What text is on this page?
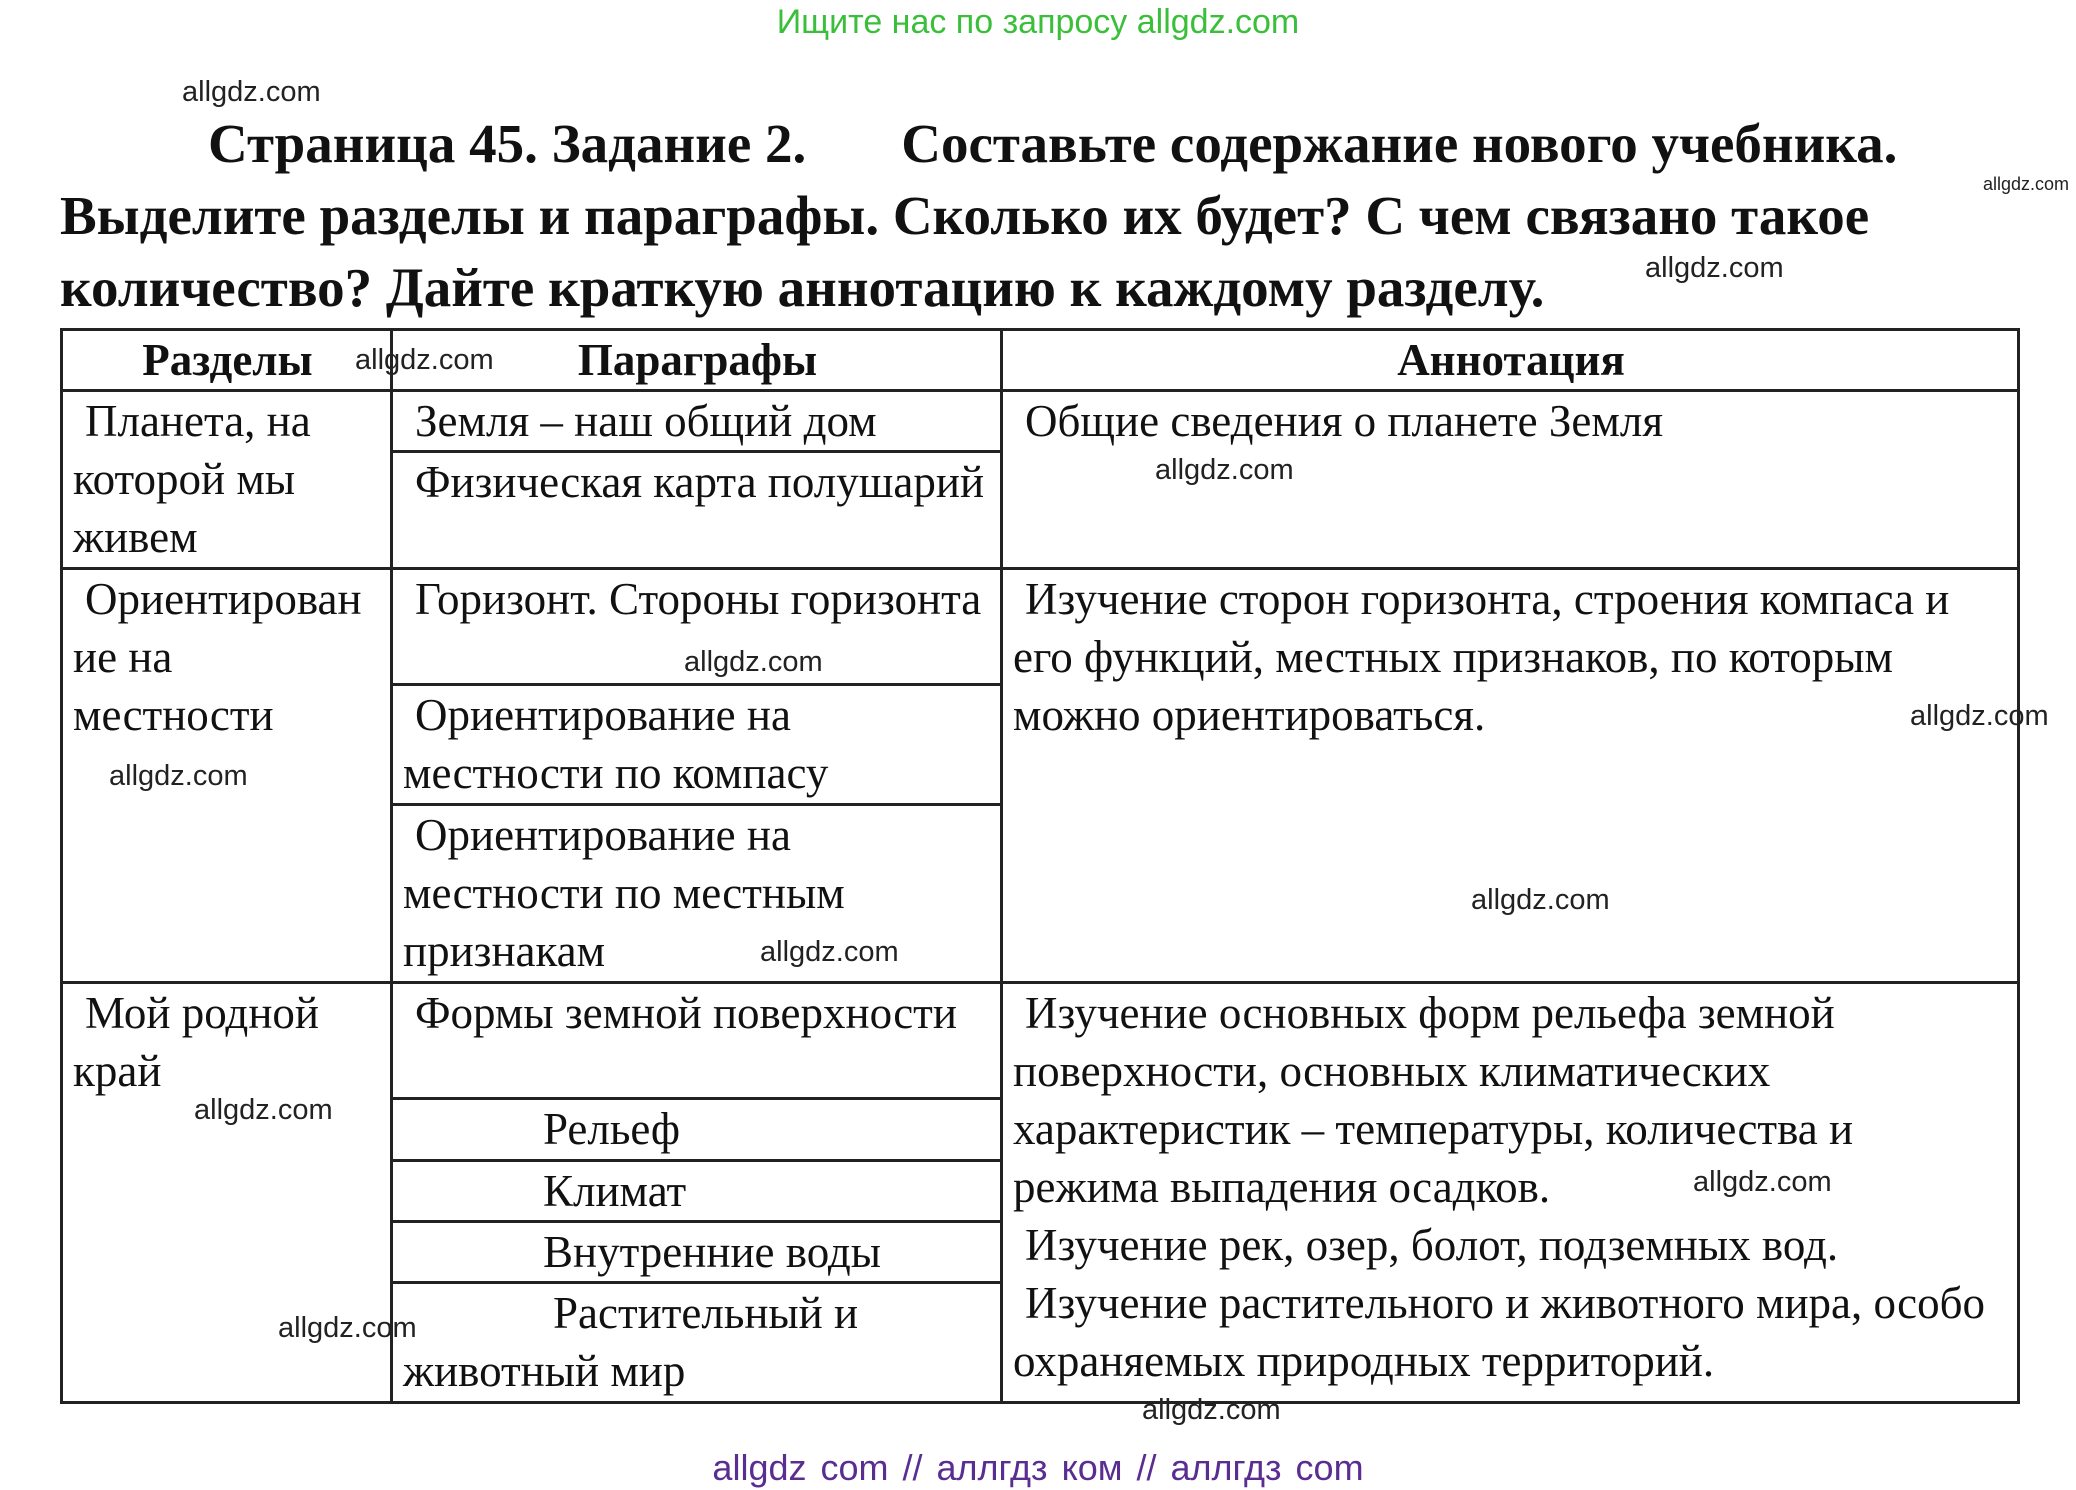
Ищите нас по запросу allgdz.com

Страница 45. Задание 2. Составьте содержание нового учебника. Выделите разделы и параграфы. Сколько их будет? С чем связано такое количество? Дайте краткую аннотацию к каждому разделу.

Разделы	Параграфы	Аннотация

Планета, на которой мы живем	Земля – наш общий дом	Общие сведения о планете Земля

	Физическая карта полушарий	

Ориентирован ие на местности	Горизонт. Стороны горизонта	Изучение сторон горизонта, строения компаса и его функций, местных признаков, по которым можно ориентироваться.

	Ориентирование на местности по компасу	

	Ориентирование на местности по местным признакам	

Мой родной край	Формы земной поверхности	Изучение основных форм рельефа земной поверхности, основных климатических характеристик – температуры, количества и режима выпадения осадков.
Изучение рек, озер, болот, подземных вод.
Изучение растительного и животного мира, особо охраняемых природных территорий.

	Рельеф	

	Климат	

	Внутренние воды	

	Растительный и животный мир	
allgdz.com
allgdz.com
allgdz.com
allgdz.com
allgdz.com
allgdz.com
allgdz.com
allgdz.com
allgdz.com
allgdz.com
allgdz.com
allgdz.com
allgdz.com
allgdz.com
allgdz com // аллгдз ком // аллгдз com
